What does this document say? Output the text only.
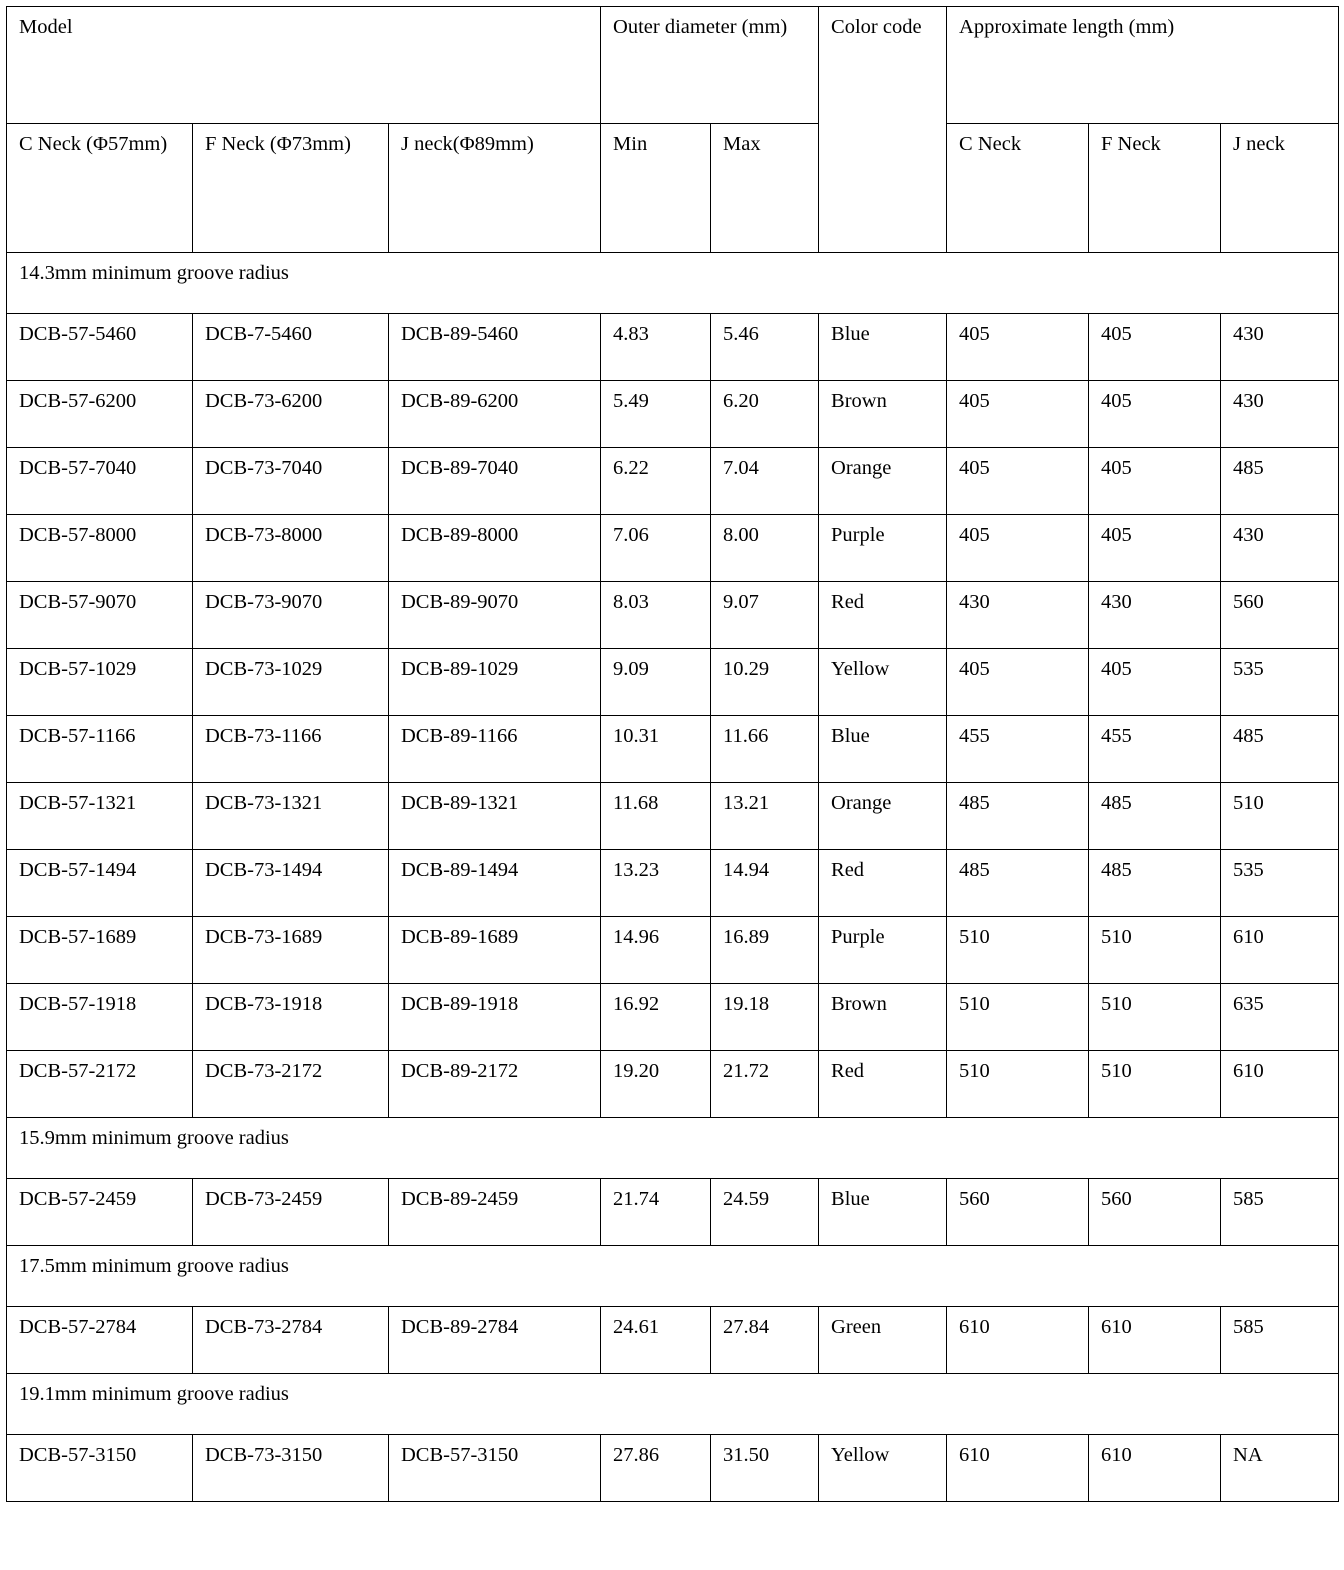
Model			Outer diameter (mm)		Color code	Approximate length (mm)		
C Neck (Φ57mm)	F Neck (Φ73mm)	J neck(Φ89mm)	Min	Max		C Neck	F Neck	J neck
14.3mm minimum groove radius								
DCB-57-5460	DCB-7-5460	DCB-89-5460	4.83	5.46	Blue	405	405	430
DCB-57-6200	DCB-73-6200	DCB-89-6200	5.49	6.20	Brown	405	405	430
DCB-57-7040	DCB-73-7040	DCB-89-7040	6.22	7.04	Orange	405	405	485
DCB-57-8000	DCB-73-8000	DCB-89-8000	7.06	8.00	Purple	405	405	430
DCB-57-9070	DCB-73-9070	DCB-89-9070	8.03	9.07	Red	430	430	560
DCB-57-1029	DCB-73-1029	DCB-89-1029	9.09	10.29	Yellow	405	405	535
DCB-57-1166	DCB-73-1166	DCB-89-1166	10.31	11.66	Blue	455	455	485
DCB-57-1321	DCB-73-1321	DCB-89-1321	11.68	13.21	Orange	485	485	510
DCB-57-1494	DCB-73-1494	DCB-89-1494	13.23	14.94	Red	485	485	535
DCB-57-1689	DCB-73-1689	DCB-89-1689	14.96	16.89	Purple	510	510	610
DCB-57-1918	DCB-73-1918	DCB-89-1918	16.92	19.18	Brown	510	510	635
DCB-57-2172	DCB-73-2172	DCB-89-2172	19.20	21.72	Red	510	510	610
15.9mm minimum groove radius								
DCB-57-2459	DCB-73-2459	DCB-89-2459	21.74	24.59	Blue	560	560	585
17.5mm minimum groove radius								
DCB-57-2784	DCB-73-2784	DCB-89-2784	24.61	27.84	Green	610	610	585
19.1mm minimum groove radius								
DCB-57-3150	DCB-73-3150	DCB-57-3150	27.86	31.50	Yellow	610	610	NA
